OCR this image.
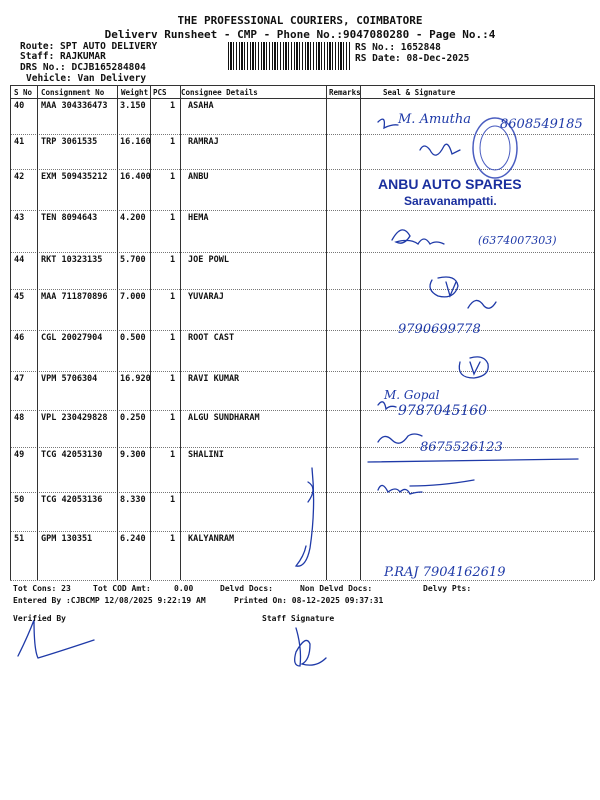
THE PROFESSIONAL COURIERS, COIMBATORE
Deliverv Runsheet - CMP - Phone No.:9047080280 - Page No.:4
Route: SPT AUTO DELIVERY
Staff: RAJKUMAR
DRS No.: DCJB165284804
Vehicle: Van Delivery
RS No.: 1652848
RS Date: 08-Dec-2025
S No Consignment No Weight PCS Consignee Details	Remarks	Seal & Signature
40 MAA 304336473 3.150	1 ASAHA
41 TRP 3061535	16.160 1 RAMRAJ
42 EXM 509435212 16.400 1 ANBU
43 TEN 8094643	4.200	1 HEMA
44 RKT 10323135 5.700	1 JOE POWL
45 MAA 711870896 7.000	1 YUVARAJ
46 CGL 20027904 0.500	1 ROOT CAST
47 VPM 5706304	16.920 1 RAVI KUMAR
48 VPL 230429828 0.250	1 ALGU SUNDHARAM
49 TCG 42053130 9.300	1 SHALINI
50 TCG 42053136 8.330	1
51 GPM 130351	6.240	1 KALYANRAM
ANBU AUTO SPARES
Saravanampatti.
M. Amutha 8608549185
(6374007303)
9790699778
M. Gopal
9787045160
8675526123
P.RAJ 7904162619
Tot Cons: 23	Tot COD Amt:	0.00	Delvd Docs:	Non Delvd Docs:	Delvy Pts:
Entered By :CJBCMP 12/08/2025 9:22:19 AM	Printed On: 08-12-2025 09:37:31
Verified By	Staff Signature
